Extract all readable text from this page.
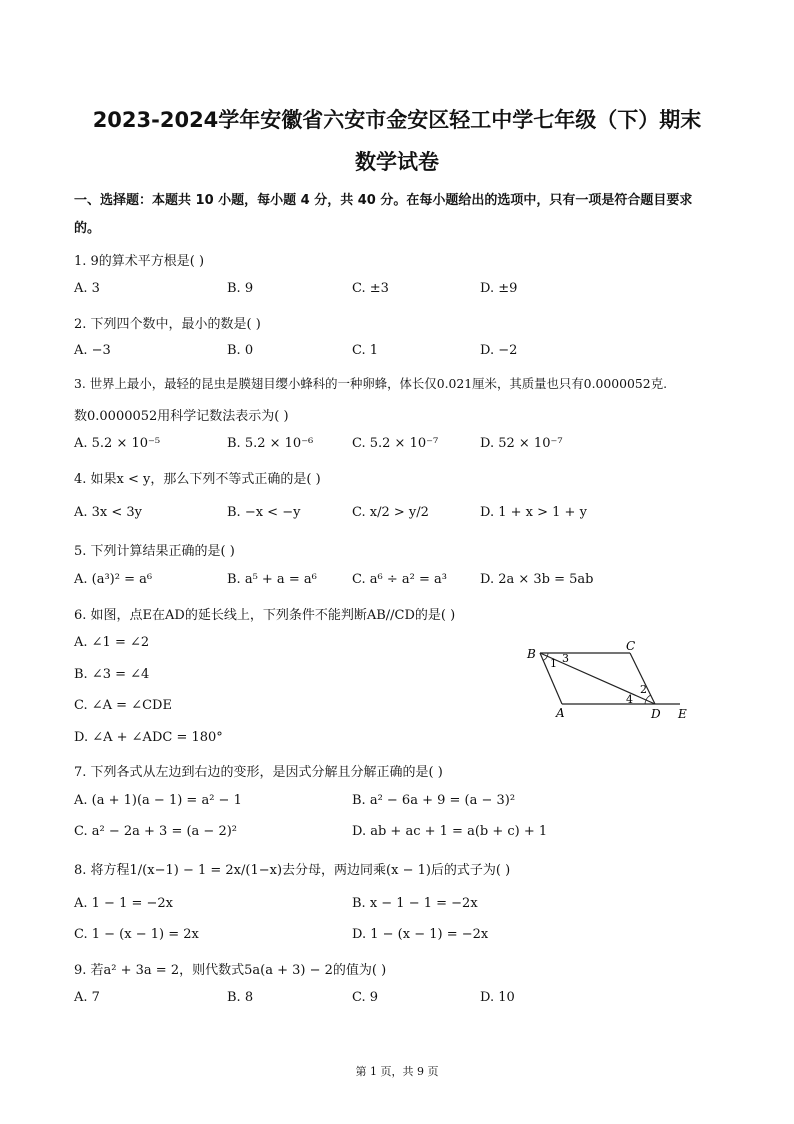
2023-2024学年安徽省六安市金安区轻工中学七年级（下）期末
数学试卷
一、选择题：本题共 10 小题，每小题 4 分，共 40 分。在每小题给出的选项中，只有一项是符合题目要求
的。
1. 9的算术平方根是( )
A. 3	B. 9	C. ±3	D. ±9
2. 下列四个数中，最小的数是( )
A. −3	B. 0	C. 1	D. −2
3. 世界上最小，最轻的昆虫是膜翅目缨小蜂科的一种卵蜂，体长仅0.021厘米，其质量也只有0.0000052克.
数0.0000052用科学记数法表示为( )
A. 5.2 × 10⁻⁵	B. 5.2 × 10⁻⁶	C. 5.2 × 10⁻⁷	D. 52 × 10⁻⁷
4. 如果x < y，那么下列不等式正确的是( )
A. 3x < 3y	B. −x < −y	C. x/2 > y/2	D. 1 + x > 1 + y
5. 下列计算结果正确的是( )
A. (a³)² = a⁶	B. a⁵ + a = a⁶	C. a⁶ ÷ a² = a³	D. 2a × 3b = 5ab
6. 如图，点E在AD的延长线上，下列条件不能判断AB//CD的是( )
A. ∠1 = ∠2
B. ∠3 = ∠4
C. ∠A = ∠CDE
D. ∠A + ∠ADC = 180°
B
C
A	D E
1 3
2
4
7. 下列各式从左边到右边的变形，是因式分解且分解正确的是( )
A. (a + 1)(a − 1) = a² − 1	B. a² − 6a + 9 = (a − 3)²
C. a² − 2a + 3 = (a − 2)²	D. ab + ac + 1 = a(b + c) + 1
8. 将方程1/(x−1) − 1 = 2x/(1−x)去分母，两边同乘(x − 1)后的式子为( )
A. 1 − 1 = −2x	B. x − 1 − 1 = −2x
C. 1 − (x − 1) = 2x	D. 1 − (x − 1) = −2x
9. 若a² + 3a = 2，则代数式5a(a + 3) − 2的值为( )
A. 7	B. 8	C. 9	D. 10
第 1 页，共 9 页
